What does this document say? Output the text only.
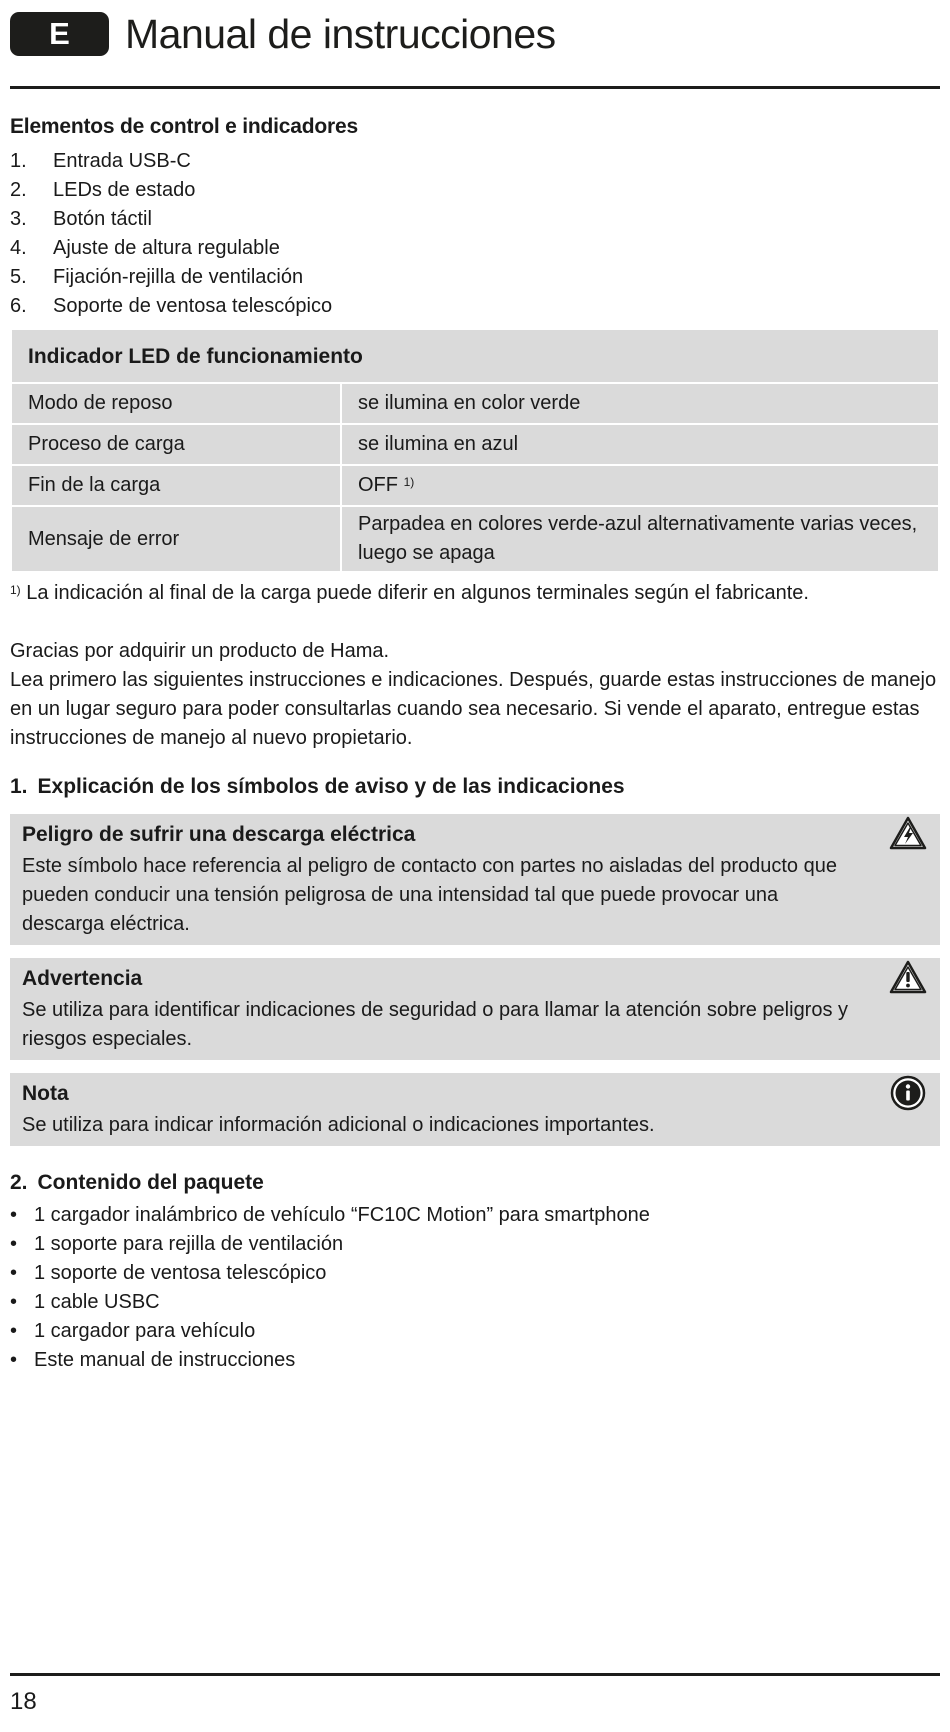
E	Manual de instrucciones
Elementos de control e indicadores
1.	Entrada USB-C
2.	LEDs de estado
3.	Botón táctil
4.	Ajuste de altura regulable
5.	Fijación-rejilla de ventilación
6.	Soporte de ventosa telescópico
Indicador LED de funcionamiento	
Modo de reposo	se ilumina en color verde
Proceso de carga	se ilumina en azul
Fin de la carga	OFF $^{1)}$
Mensaje de error	Parpadea en colores verde-azul alternativamente varias veces, luego se apaga
$^{1)}$ La indicación al final de la carga puede diferir en algunos terminales según el fabricante.

Gracias por adquirir un producto de Hama.

Lea primero las siguientes instrucciones e indicaciones. Después, guarde estas instrucciones de manejo en un lugar seguro para poder consultarlas cuando sea necesario. Si vende el aparato, entregue estas instrucciones de manejo al nuevo propietario.

1. Explicación de los símbolos de aviso y de las indicaciones
Peligro de sufrir una descarga eléctrica
Este símbolo hace referencia al peligro de contacto con partes no aisladas del producto que pueden conducir una tensión peligrosa de una intensidad tal que puede provocar una descarga eléctrica.
Advertencia
Se utiliza para identificar indicaciones de seguridad o para llamar la atención sobre peligros y riesgos especiales.
Nota
Se utiliza para indicar información adicional o indicaciones importantes.
2. Contenido del paquete
• 1 cargador inalámbrico de vehículo “FC10C Motion” para smartphone
• 1 soporte para rejilla de ventilación
• 1 soporte de ventosa telescópico
• 1 cable USBC
• 1 cargador para vehículo
• Este manual de instrucciones
18
